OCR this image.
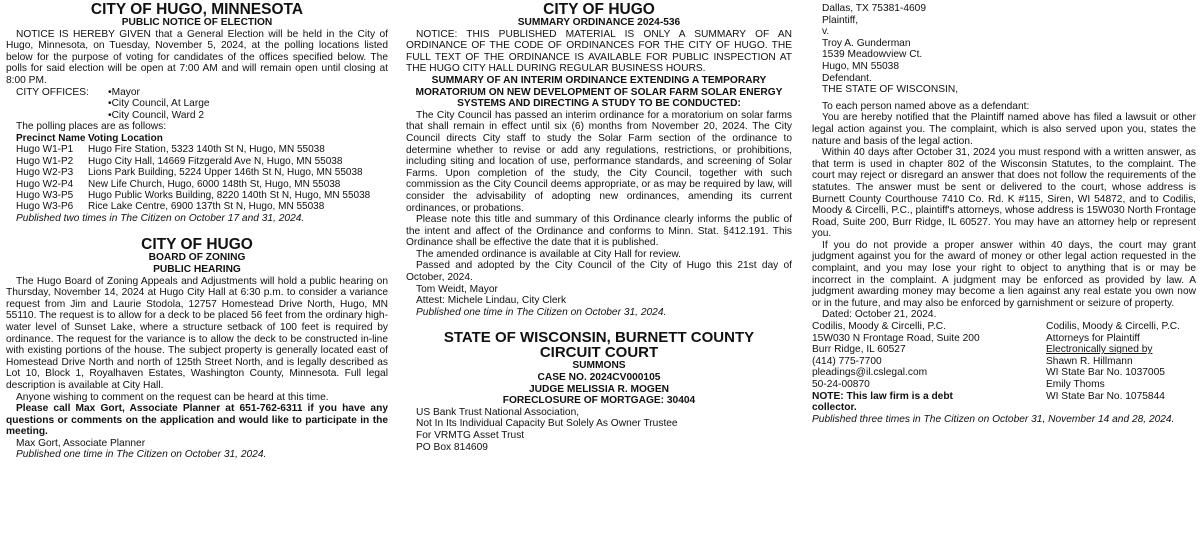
CITY OF HUGO, MINNESOTA
PUBLIC NOTICE OF ELECTION

NOTICE IS HEREBY GIVEN that a General Election will be held in the City of Hugo, Minnesota, on Tuesday, November 5, 2024, at the polling locations listed below for the purpose of voting for candidates of the offices specified below. The polls for said election will be open at 7:00 AM and will remain open until closing at 8:00 PM.

CITY OFFICES:	• Mayor
• City Council, At Large
• City Council, Ward 2
The polling places are as follows:
Precinct Name	Voting Location
Hugo W1-P1	Hugo Fire Station, 5323 140th St N, Hugo, MN 55038
Hugo W1-P2	Hugo City Hall, 14669 Fitzgerald Ave N, Hugo, MN 55038
Hugo W2-P3	Lions Park Building, 5224 Upper 146th St N, Hugo, MN 55038
Hugo W2-P4	New Life Church, Hugo, 6000 148th St, Hugo, MN 55038
Hugo W3-P5	Hugo Public Works Building, 8220 140th St N, Hugo, MN 55038
Hugo W3-P6	Rice Lake Centre, 6900 137th St N, Hugo, MN 55038
Published two times in The Citizen on October 17 and 31, 2024.
CITY OF HUGO
BOARD OF ZONING
PUBLIC HEARING

The Hugo Board of Zoning Appeals and Adjustments will hold a public hearing on Thursday, November 14, 2024 at Hugo City Hall at 6:30 p.m. to consider a variance request from Jim and Laurie Stodola, 12757 Homestead Drive North, Hugo, MN 55110. The request is to allow for a deck to be placed 56 feet from the ordinary high-water level of Sunset Lake, where a structure setback of 100 feet is required by ordinance. The request for the variance is to allow the deck to be constructed in-line with existing portions of the house. The subject property is generally located east of Homestead Drive North and north of 125th Street North, and is legally described as Lot 10, Block 1, Royalhaven Estates, Washington County, Minnesota. Full legal description is available at City Hall.

Anyone wishing to comment on the request can be heard at this time.

Please call Max Gort, Associate Planner at 651-762-6311 if you have any questions or comments on the application and would like to participate in the meeting.

Max Gort, Associate Planner
Published one time in The Citizen on October 31, 2024.
CITY OF HUGO
SUMMARY ORDINANCE 2024-536

NOTICE: THIS PUBLISHED MATERIAL IS ONLY A SUMMARY OF AN ORDINANCE OF THE CODE OF ORDINANCES FOR THE CITY OF HUGO. THE FULL TEXT OF THE ORDINANCE IS AVAILABLE FOR PUBLIC INSPECTION AT THE HUGO CITY HALL DURING REGULAR BUSINESS HOURS.

SUMMARY OF AN INTERIM ORDINANCE EXTENDING A TEMPORARY MORATORIUM ON NEW DEVELOPMENT OF SOLAR FARM SOLAR ENERGY SYSTEMS AND DIRECTING A STUDY TO BE CONDUCTED:

The City Council has passed an interim ordinance for a moratorium on solar farms that shall remain in effect until six (6) months from November 20, 2024. The City Council directs City staff to study the Solar Farm section of the ordinance to determine whether to revise or add any regulations, restrictions, or prohibitions, including siting and location of use, performance standards, and screening of Solar Farms. Upon completion of the study, the City Council, together with such commission as the City Council deems appropriate, or as may be required by law, will consider the advisability of adopting new ordinances, amending its current ordinances, or probations.

Please note this title and summary of this Ordinance clearly informs the public of the intent and affect of the Ordinance and conforms to Minn. Stat. §412.191. This Ordinance shall be effective the date that it is published.

The amended ordinance is available at City Hall for review.

Passed and adopted by the City Council of the City of Hugo this 21st day of October, 2024.

Tom Weidt, Mayor
Attest: Michele Lindau, City Clerk
Published one time in The Citizen on October 31, 2024.
STATE OF WISCONSIN, BURNETT COUNTY
CIRCUIT COURT
SUMMONS
CASE NO. 2024CV000105
JUDGE MELISSIA R. MOGEN
FORECLOSURE OF MORTGAGE: 30404
US Bank Trust National Association,
Not In Its Individual Capacity But Solely As Owner Trustee
For VRMTG Asset Trust
PO Box 814609
Dallas, TX 75381-4609
Plaintiff,
v.
Troy A. Gunderman
1539 Meadowview Ct.
Hugo, MN 55038
Defendant.
THE STATE OF WISCONSIN,

To each person named above as a defendant:

You are hereby notified that the Plaintiff named above has filed a lawsuit or other legal action against you. The complaint, which is also served upon you, states the nature and basis of the legal action.

Within 40 days after October 31, 2024 you must respond with a written answer, as that term is used in chapter 802 of the Wisconsin Statutes, to the complaint. The court may reject or disregard an answer that does not follow the requirements of the statutes. The answer must be sent or delivered to the court, whose address is Burnett County Courthouse 7410 Co. Rd. K #115, Siren, WI 54872, and to Codilis, Moody & Circelli, P.C., plaintiff's attorneys, whose address is 15W030 North Frontage Road, Suite 200, Burr Ridge, IL 60527. You may have an attorney help or represent you.

If you do not provide a proper answer within 40 days, the court may grant judgment against you for the award of money or other legal action requested in the complaint, and you may lose your right to object to anything that is or may be incorrect in the complaint. A judgment may be enforced as provided by law. A judgment awarding money may become a lien against any real estate you own now or in the future, and may also be enforced by garnishment or seizure of property.

Dated: October 21, 2024.
Codilis, Moody & Circelli, P.C.
15W030 N Frontage Road, Suite 200
Burr Ridge, IL 60527
(414) 775-7700
pleadings@il.cslegal.com
50-24-00870
NOTE: This law firm is a debt collector.
Codilis, Moody & Circelli, P.C.
Attorneys for Plaintiff
Electronically signed by
Shawn R. Hillmann
WI State Bar No. 1037005
Emily Thoms
WI State Bar No. 1075844
Published three times in The Citizen on October 31, November 14 and 28, 2024.
